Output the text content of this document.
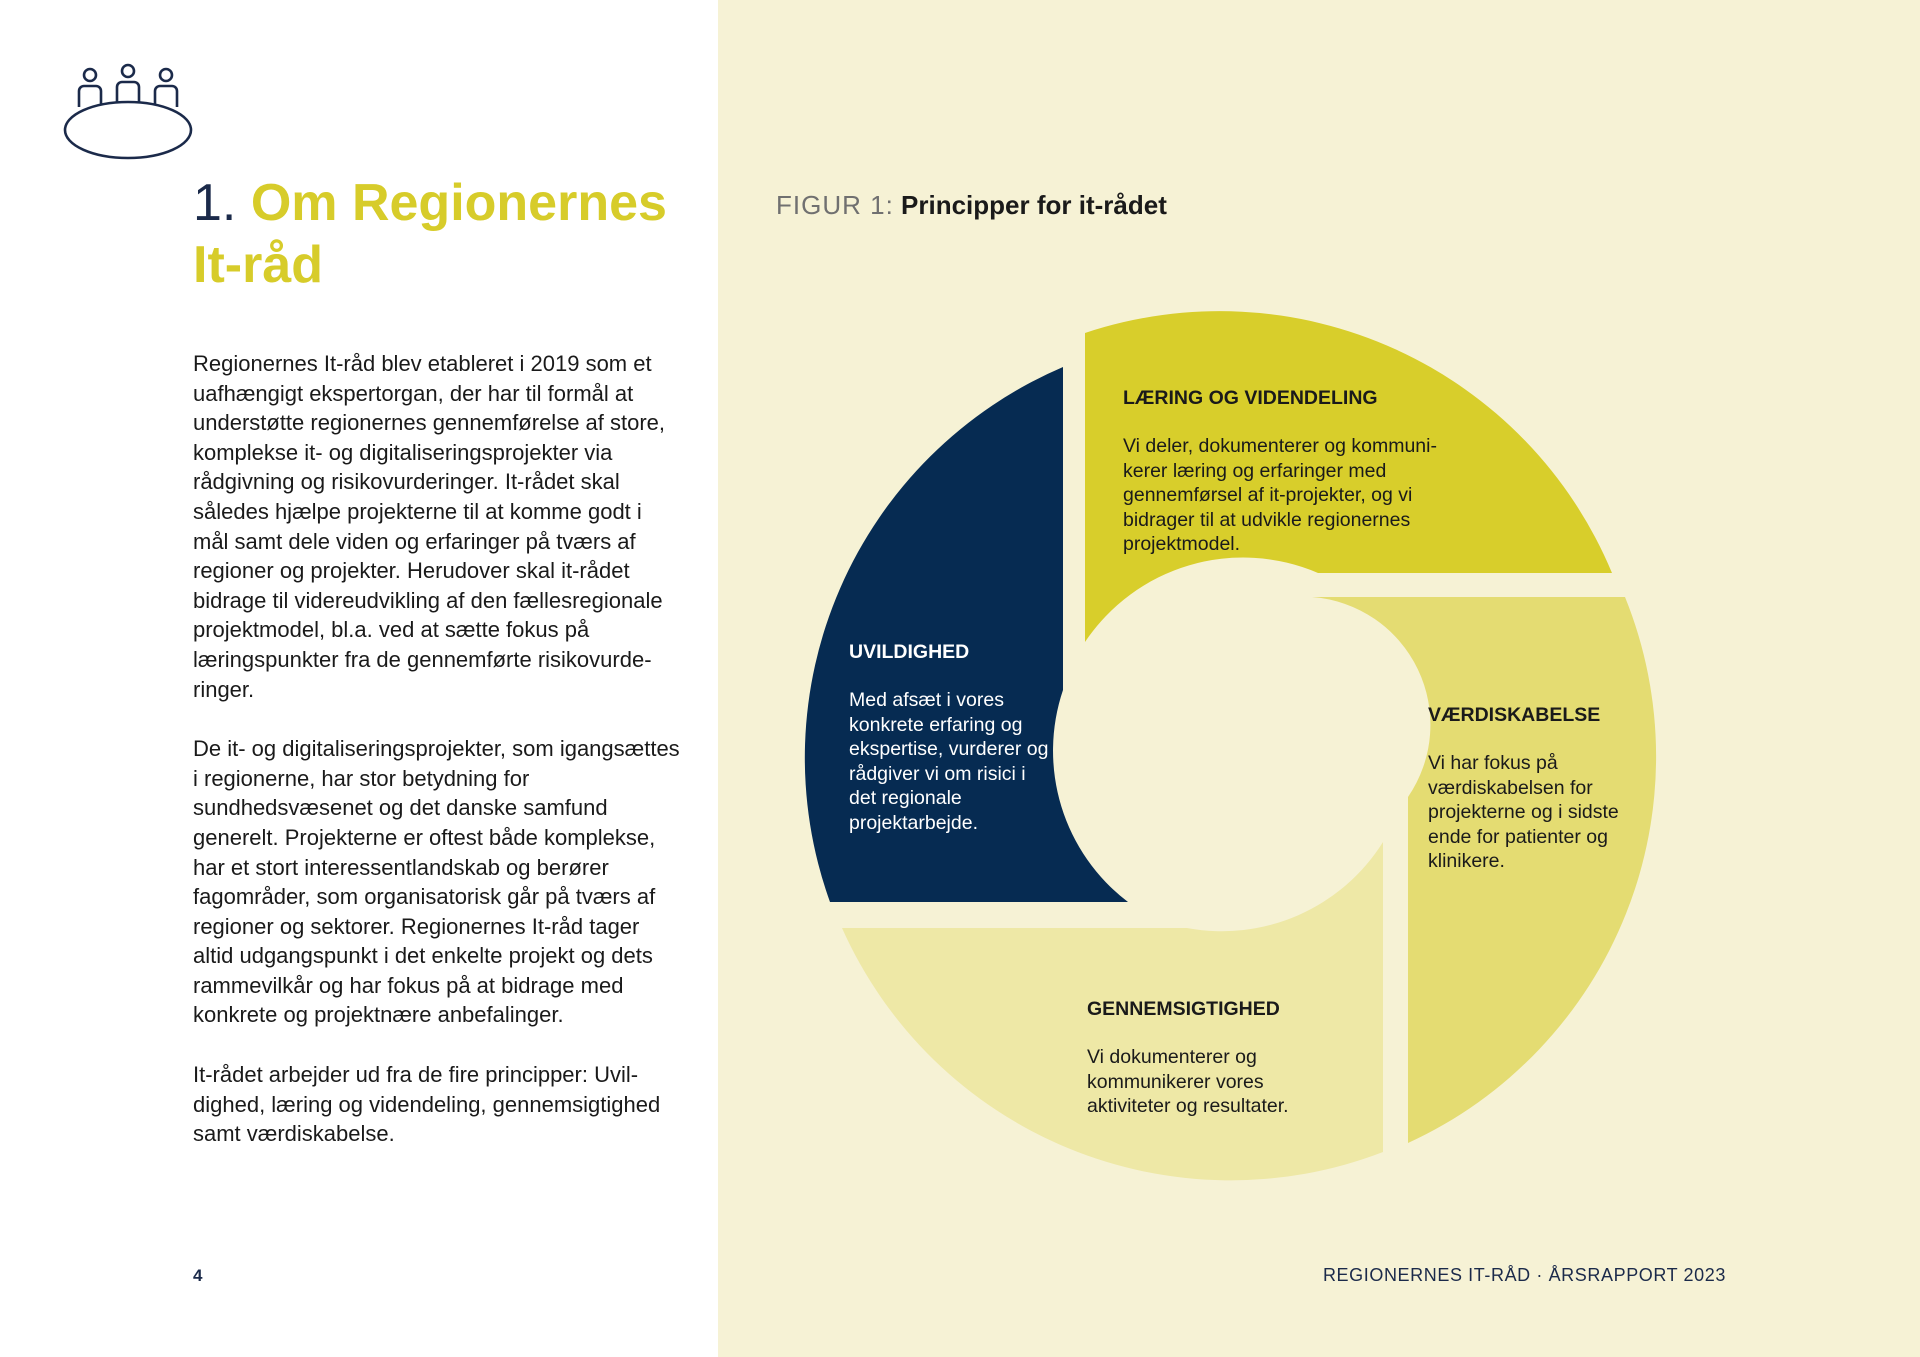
1. Om Regionernes It-råd

Regionernes It-råd blev etableret i 2019 som et uafhængigt ekspertorgan, der har til formål at understøtte regionernes gennemførelse af store, komplekse it- og digitaliseringsprojekter via rådgivning og risikovurderinger. It-rådet skal således hjælpe projekterne til at komme godt i mål samt dele viden og erfaringer på tværs af regioner og projekter. Herudover skal it-rådet bidrage til videreudvikling af den fællesregionale projektmodel, bl.a. ved at sætte fokus på læringspunkter fra de gennemførte risikovurderinger.

De it- og digitaliseringsprojekter, som igangsættes i regionerne, har stor betydning for sundhedsvæsenet og det danske samfund generelt. Projekterne er oftest både komplekse, har et stort interessentlandskab og berører fagområder, som organisatorisk går på tværs af regioner og sektorer. Regionernes It-råd tager altid udgangspunkt i det enkelte projekt og dets rammevilkår og har fokus på at bidrage med konkrete og projektnære anbefalinger.

It-rådet arbejder ud fra de fire principper: Uvildighed, læring og videndeling, gennemsigtighed samt værdiskabelse.

4
FIGUR 1: Principper for it-rådet
LÆRING OG VIDENDELING

Vi deler, dokumenterer og kommunikerer læring og erfaringer med gennemførsel af it-projekter, og vi bidrager til at udvikle regionernes projektmodel.

VÆRDISKABELSE

Vi har fokus på værdiskabelsen for projekterne og i sidste ende for patienter og klinikere.

GENNEMSIGTIGHED

Vi dokumenterer og kommunikerer vores aktiviteter og resultater.

UVILDIGHED

Med afsæt i vores konkrete erfaring og ekspertise, vurderer og rådgiver vi om risici i det regionale projektarbejde.

REGIONERNES IT-RÅD · ÅRSRAPPORT 2023
